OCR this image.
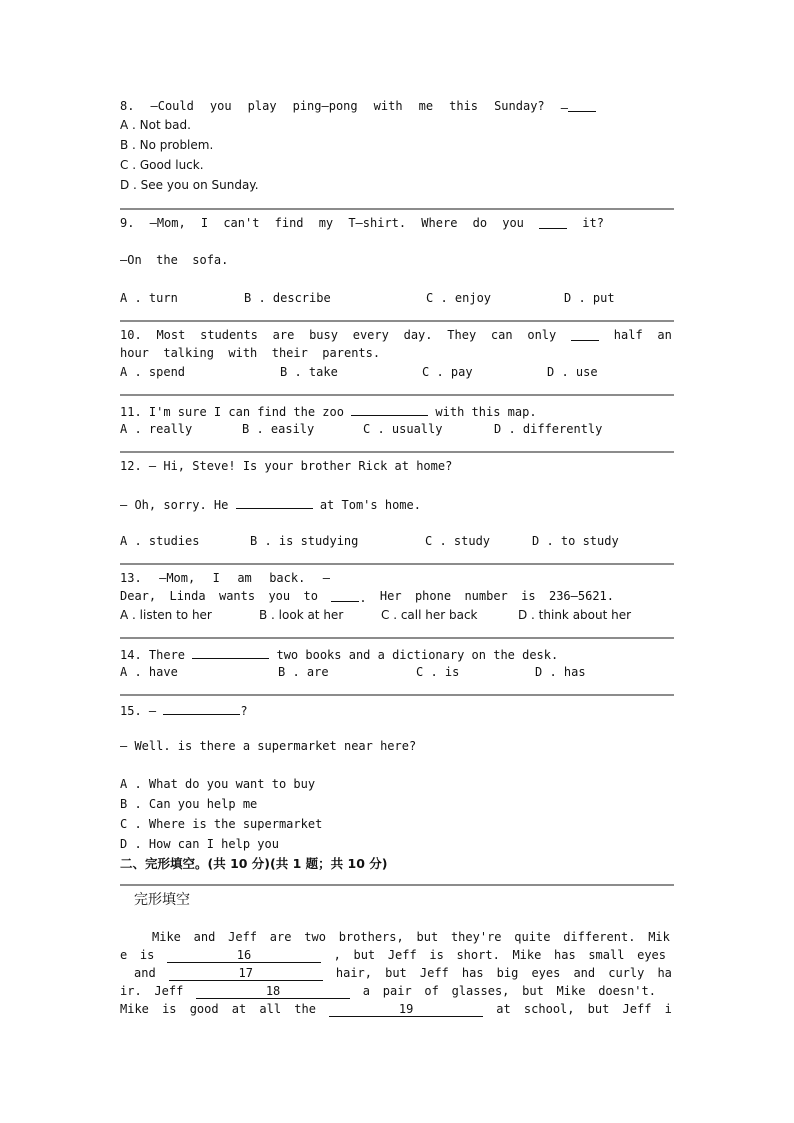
8. —Could you play ping—pong with me this Sunday? —
A . Not bad.
B . No problem.
C . Good luck.
D . See you on Sunday.
9. —Mom, I can't find my T—shirt. Where do you	it?
—On  the  sofa.
A . turn	B . describe	C . enjoy	D . put
10. Most students are busy every day. They can only	half an
hour  talking  with  their  parents.
A . spend	B . take	C . pay	D . use
11. I'm sure I can find the zoo	with this map.
A . really	B . easily	C . usually	D . differently
12. — Hi, Steve! Is your brother Rick at home?
— Oh, sorry. He	at Tom's home.
A . studies	B . is studying	C . study	D . to study
13. —Mom, I am back. —
Dear, Linda wants you to	. Her phone number is 236—5621.
A . listen to her	B . look at her	C . call her back	D . think about her
14. There	two books and a dictionary on the desk.
A . have	B . are	C . is	D . has
15. —	?
— Well. is there a supermarket near here?
A . What do you want to buy
B . Can you help me
C . Where is the supermarket
D . How can I help you
二、完形填空。(共 10 分)(共 1 题；共 10 分)
完形填空
Mike and Jeff are two brothers, but they're quite different. Mik
e is	16	, but Jeff is short. Mike has small eyes
and	17	hair, but Jeff has big eyes and curly ha
ir. Jeff	18	a pair of glasses, but Mike doesn't.
Mike is good at all the	19	at school, but Jeff i
